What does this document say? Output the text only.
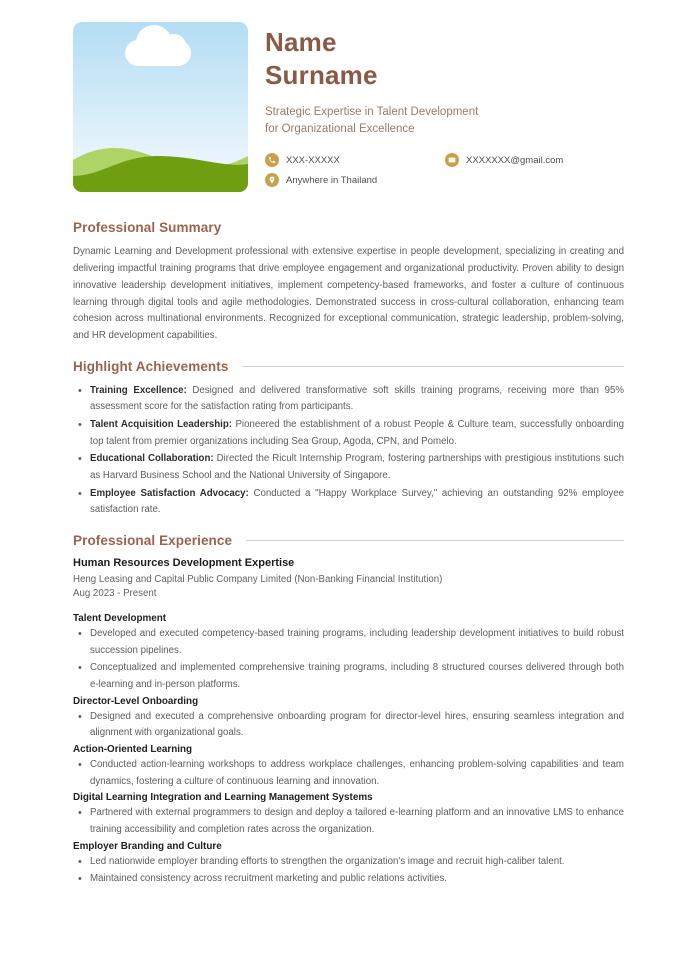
Name
Surname
Strategic Expertise in Talent Development
for Organizational Excellence
XXX-XXXXX	XXXXXXX@gmail.com
Anywhere in Thailand
Professional Summary
Dynamic Learning and Development professional with extensive expertise in people development, specializing in creating and delivering impactful training programs that drive employee engagement and organizational productivity. Proven ability to design innovative leadership development initiatives, implement competency-based frameworks, and foster a culture of continuous learning through digital tools and agile methodologies. Demonstrated success in cross-cultural collaboration, enhancing team cohesion across multinational environments. Recognized for exceptional communication, strategic leadership, problem-solving, and HR development capabilities.
Highlight Achievements
• Training Excellence: Designed and delivered transformative soft skills training programs, receiving more than 95% assessment score for the satisfaction rating from participants.
• Talent Acquisition Leadership: Pioneered the establishment of a robust People & Culture team, successfully onboarding top talent from premier organizations including Sea Group, Agoda, CPN, and Pomelo.
• Educational Collaboration: Directed the Ricult Internship Program, fostering partnerships with prestigious institutions such as Harvard Business School and the National University of Singapore.
• Employee Satisfaction Advocacy: Conducted a "Happy Workplace Survey," achieving an outstanding 92% employee satisfaction rate.
Professional Experience
Human Resources Development Expertise
Heng Leasing and Capital Public Company Limited (Non-Banking Financial Institution)
Aug 2023 - Present
Talent Development
• Developed and executed competency-based training programs, including leadership development initiatives to build robust succession pipelines.
• Conceptualized and implemented comprehensive training programs, including 8 structured courses delivered through both e-learning and in-person platforms.
Director-Level Onboarding
• Designed and executed a comprehensive onboarding program for director-level hires, ensuring seamless integration and alignment with organizational goals.
Action-Oriented Learning
• Conducted action-learning workshops to address workplace challenges, enhancing problem-solving capabilities and team dynamics, fostering a culture of continuous learning and innovation.
Digital Learning Integration and Learning Management Systems
• Partnered with external programmers to design and deploy a tailored e-learning platform and an innovative LMS to enhance training accessibility and completion rates across the organization.
Employer Branding and Culture
• Led nationwide employer branding efforts to strengthen the organization's image and recruit high-caliber talent.
• Maintained consistency across recruitment marketing and public relations activities.
